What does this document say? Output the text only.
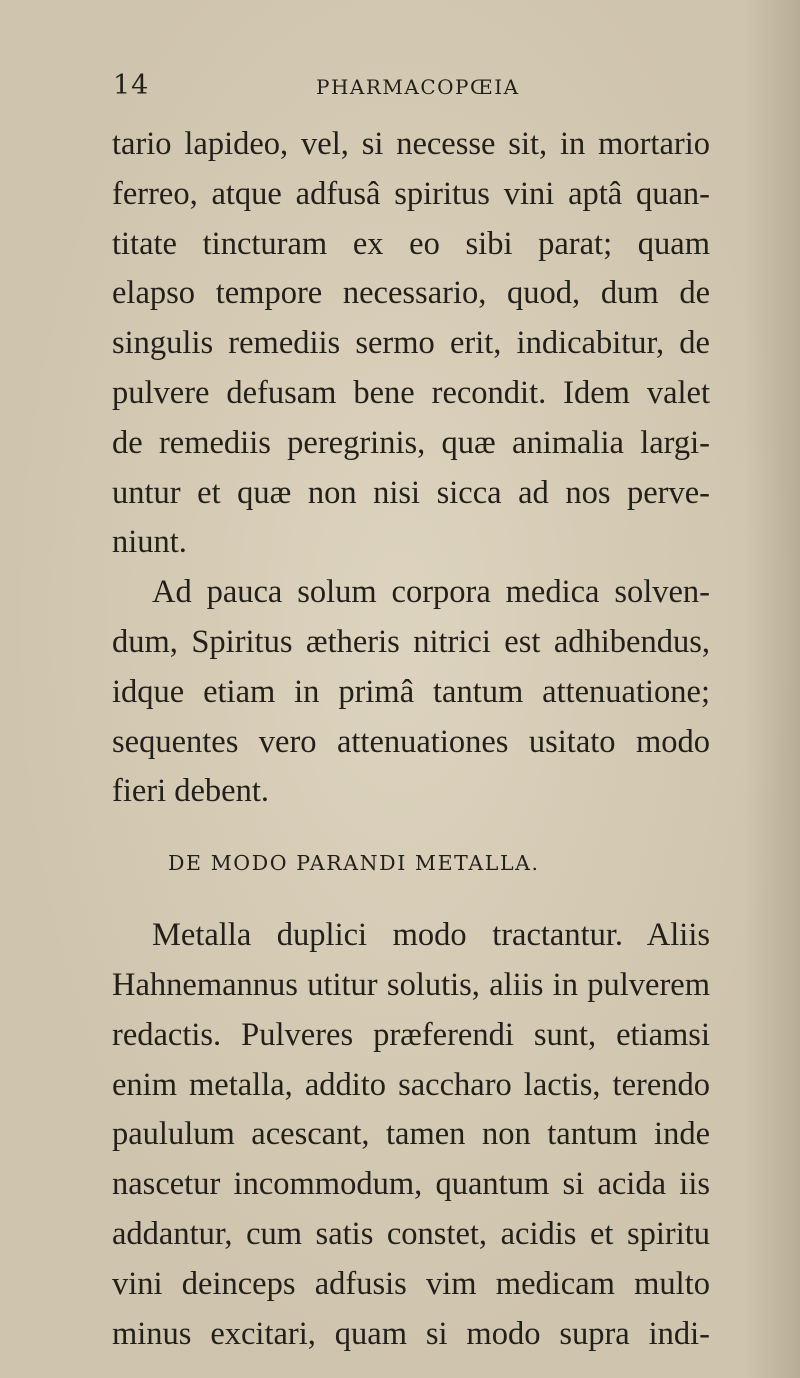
14	PHARMACOPŒIA
tario lapideo, vel, si necesse sit, in mortario
ferreo, atque adfusâ spiritus vini aptâ quan-
titate tincturam ex eo sibi parat; quam
elapso tempore necessario, quod, dum de
singulis remediis sermo erit, indicabitur, de
pulvere defusam bene recondit. Idem valet
de remediis peregrinis, quæ animalia largi-
untur et quæ non nisi sicca ad nos perve-
niunt.
Ad pauca solum corpora medica solven-
dum, Spiritus ætheris nitrici est adhibendus,
idque etiam in primâ tantum attenuatione;
sequentes vero attenuationes usitato modo
fieri debent.
DE MODO PARANDI METALLA.
Metalla duplici modo tractantur. Aliis
Hahnemannus utitur solutis, aliis in pulverem
redactis. Pulveres præferendi sunt, etiamsi
enim metalla, addito saccharo lactis, terendo
paululum acescant, tamen non tantum inde
nascetur incommodum, quantum si acida iis
addantur, cum satis constet, acidis et spiritu
vini deinceps adfusis vim medicam multo
minus excitari, quam si modo supra indi-
